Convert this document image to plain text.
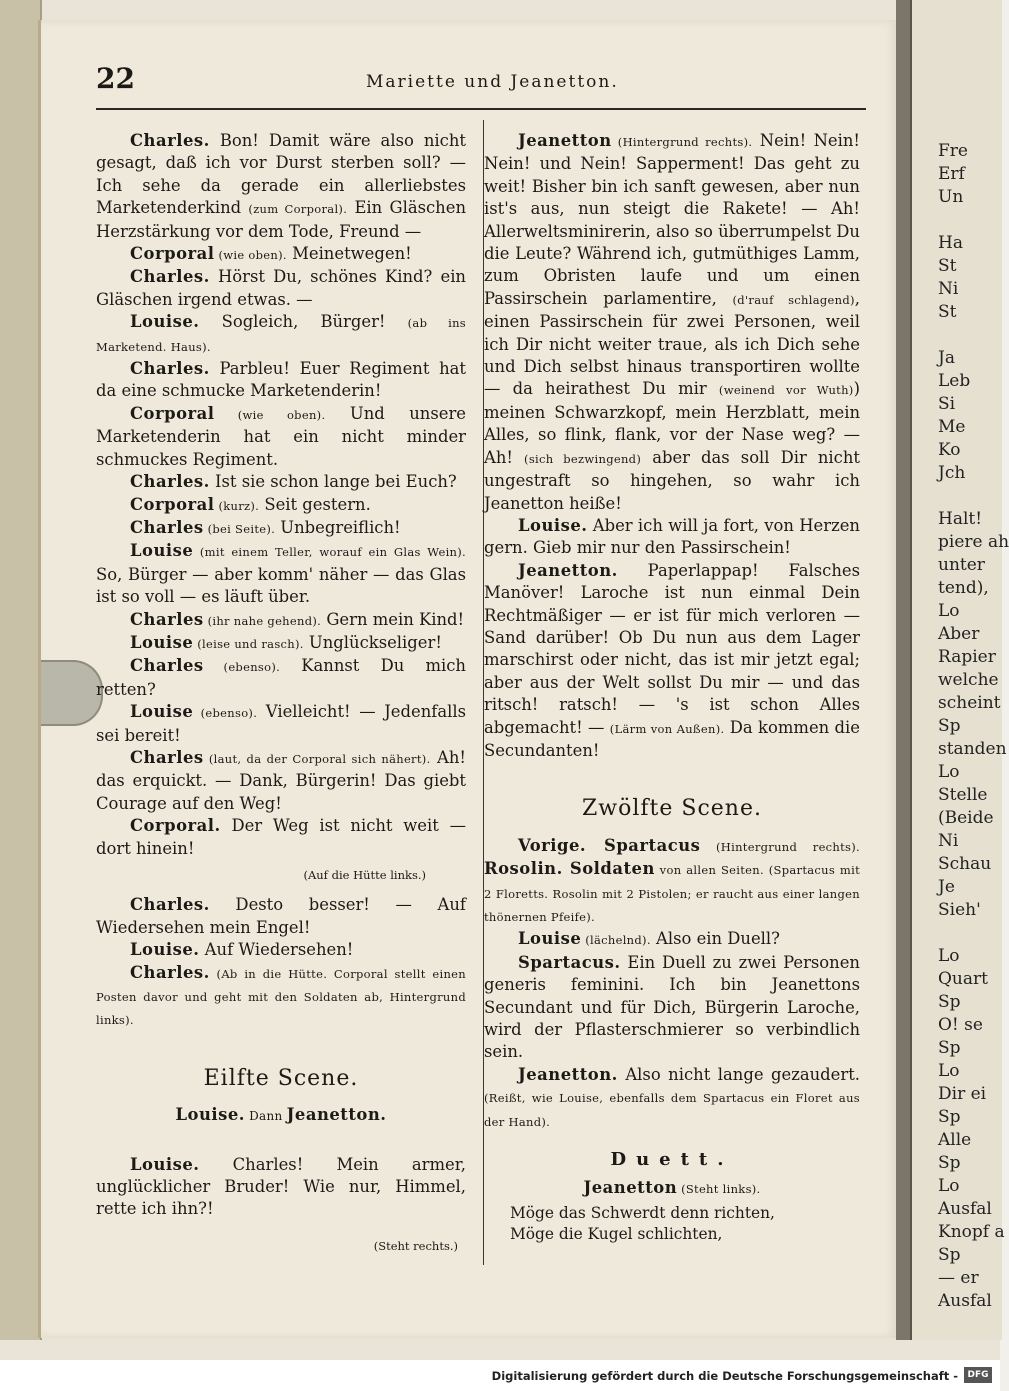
Fre
Erf
Un

Ha
St
Ni
St

Ja
Leb
Si
Me
Ko
Jch

Halt!
piere ah
unter
tend),
Lo
Aber
Rapier
welche
scheint
Sp
standen
Lo
Stelle
(Beide
Ni
Schau
Je
Sieh'

Lo
Quart
Sp
O! se
Sp
Lo
Dir ei
Sp
Alle
Sp
Lo
Ausfal
Knopf a
Sp
— er
Ausfal
22	Mariette und Jeanetton.

Charles. Bon! Damit wäre also nicht gesagt, daß ich vor Durst sterben soll? — Ich sehe da gerade ein allerliebstes Marketenderkind (zum Corporal). Ein Gläschen Herzstärkung vor dem Tode, Freund —

Corporal (wie oben). Meinetwegen!

Charles. Hörst Du, schönes Kind? ein Gläschen irgend etwas. —

Louise. Sogleich, Bürger! (ab ins Marketend. Haus).

Charles. Parbleu! Euer Regiment hat da eine schmucke Marketenderin!

Corporal (wie oben). Und unsere Marketenderin hat ein nicht minder schmuckes Regiment.

Charles. Ist sie schon lange bei Euch?

Corporal (kurz). Seit gestern.

Charles (bei Seite). Unbegreiflich!

Louise (mit einem Teller, worauf ein Glas Wein). So, Bürger — aber komm' näher — das Glas ist so voll — es läuft über.

Charles (ihr nahe gehend). Gern mein Kind!

Louise (leise und rasch). Unglückseliger!

Charles (ebenso). Kannst Du mich retten?

Louise (ebenso). Vielleicht! — Jedenfalls sei bereit!

Charles (laut, da der Corporal sich nähert). Ah! das erquickt. — Dank, Bürgerin! Das giebt Courage auf den Weg!

Corporal. Der Weg ist nicht weit — dort hinein!

(Auf die Hütte links.)

Charles. Desto besser! — Auf Wiedersehen mein Engel!

Louise. Auf Wiedersehen!

Charles. (Ab in die Hütte. Corporal stellt einen Posten davor und geht mit den Soldaten ab, Hintergrund links).

Eilfte Scene.
Louise. Dann Jeanetton.

Louise. Charles! Mein armer, unglücklicher Bruder! Wie nur, Himmel, rette ich ihn?!

(Steht rechts.)

Jeanetton (Hintergrund rechts). Nein! Nein! Nein! und Nein! Sapperment! Das geht zu weit! Bisher bin ich sanft gewesen, aber nun ist's aus, nun steigt die Rakete! — Ah! Allerweltsminirerin, also so überrumpelst Du die Leute? Während ich, gutmüthiges Lamm, zum Obristen laufe und um einen Passirschein parlamentire, (d'rauf schlagend), einen Passirschein für zwei Personen, weil ich Dir nicht weiter traue, als ich Dich sehe und Dich selbst hinaus transportiren wollte — da heirathest Du mir (weinend vor Wuth)) meinen Schwarzkopf, mein Herzblatt, mein Alles, so flink, flank, vor der Nase weg? — Ah! (sich bezwingend) aber das soll Dir nicht ungestraft so hingehen, so wahr ich Jeanetton heiße!

Louise. Aber ich will ja fort, von Herzen gern. Gieb mir nur den Passirschein!

Jeanetton. Paperlappap! Falsches Manöver! Laroche ist nun einmal Dein Rechtmäßiger — er ist für mich verloren — Sand darüber! Ob Du nun aus dem Lager marschirst oder nicht, das ist mir jetzt egal; aber aus der Welt sollst Du mir — und das ritsch! ratsch! — 's ist schon Alles abgemacht! — (Lärm von Außen). Da kommen die Secundanten!

Zwölfte Scene.

Vorige. Spartacus (Hintergrund rechts). Rosolin. Soldaten von allen Seiten. (Spartacus mit 2 Floretts. Rosolin mit 2 Pistolen; er raucht aus einer langen thönernen Pfeife).

Louise (lächelnd). Also ein Duell?

Spartacus. Ein Duell zu zwei Personen generis feminini. Ich bin Jeanettons Secundant und für Dich, Bürgerin Laroche, wird der Pflasterschmierer so verbindlich sein.

Jeanetton. Also nicht lange gezaudert. (Reißt, wie Louise, ebenfalls dem Spartacus ein Floret aus der Hand).

Duett.
Jeanetton (Steht links).
Möge das Schwerdt denn richten,
Möge die Kugel schlichten,
Digitalisierung gefördert durch die Deutsche Forschungsgemeinschaft -	DFG
